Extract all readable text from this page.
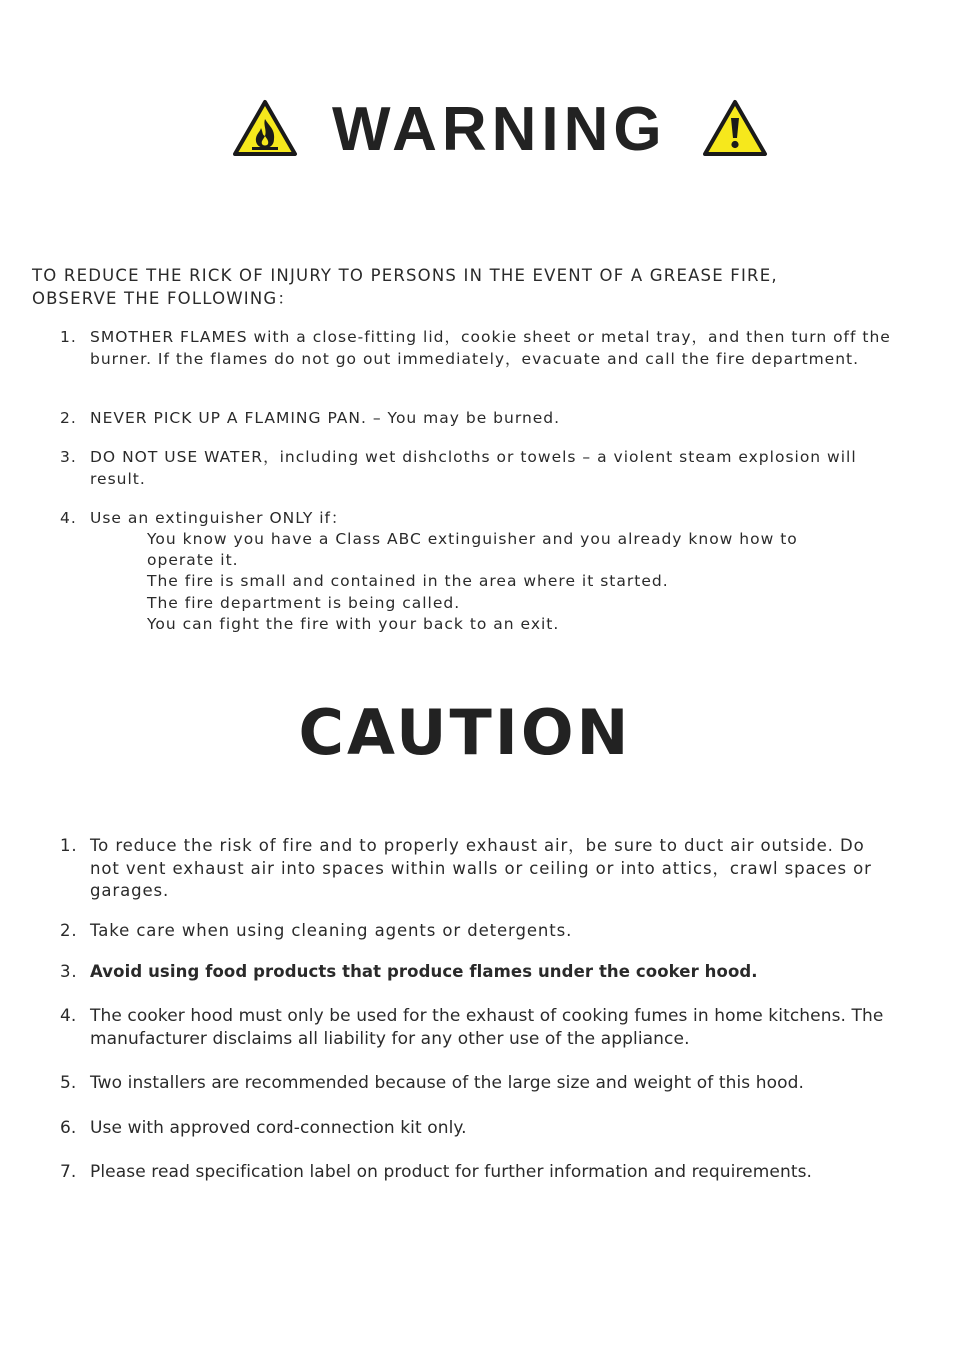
WARNING
TO REDUCE THE RICK OF INJURY TO PERSONS IN THE EVENT OF A GREASE FIRE,
OBSERVE THE FOLLOWING：
1. SMOTHER FLAMES with a close‐fitting lid，cookie sheet or metal tray，and then turn off the burner. If the flames do not go out immediately，evacuate and call the fire department.
2. NEVER PICK UP A FLAMING PAN. – You may be burned.
3. DO NOT USE WATER，including wet dishcloths or towels – a violent steam explosion will result.
4. Use an extinguisher ONLY if：
You know you have a Class ABC extinguisher and you already know how to
operate it.
The fire is small and contained in the area where it started.
The fire department is being called.
You can fight the fire with your back to an exit.
CAUTION
1. To reduce the risk of fire and to properly exhaust air，be sure to duct air outside. Do not vent exhaust air into spaces within walls or ceiling or into attics，crawl spaces or garages.
2. Take care when using cleaning agents or detergents.
3. Avoid using food products that produce flames under the cooker hood.
4. The cooker hood must only be used for the exhaust of cooking fumes in home kitchens. The manufacturer disclaims all liability for any other use of the appliance.
5. Two installers are recommended because of the large size and weight of this hood.
6. Use with approved cord-connection kit only.
7. Please read specification label on product for further information and requirements.
